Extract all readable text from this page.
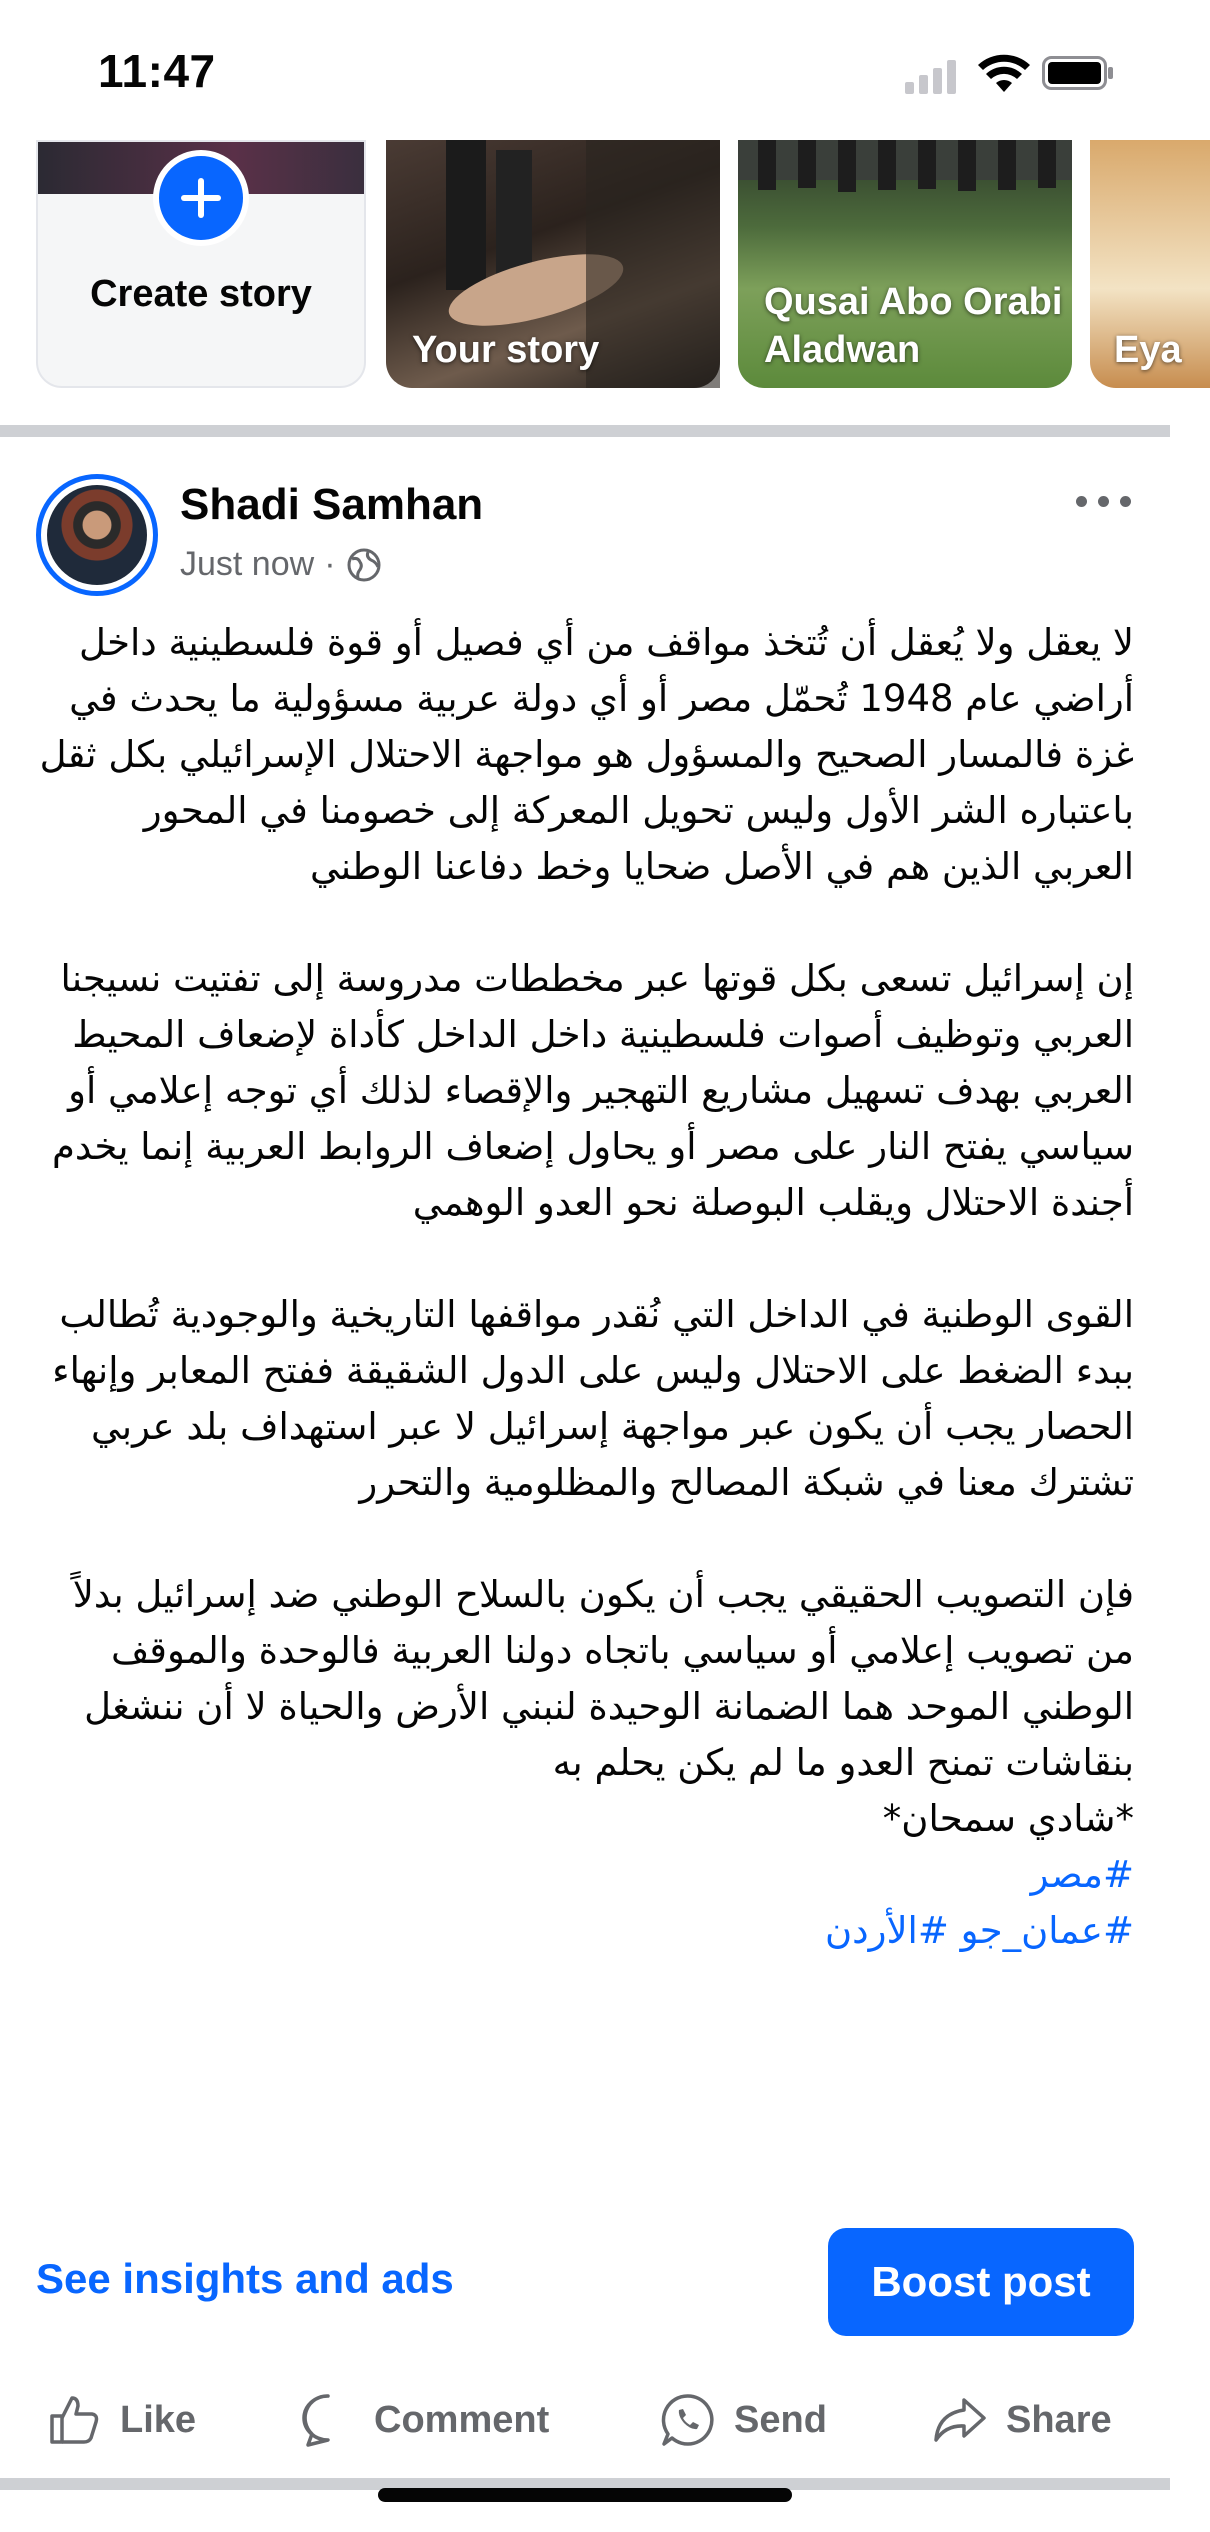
11:47
Create story
Your story
Qusai Abo Orabi Aladwan	Eya
Shadi Samhan
Just now ·

لا يعقل ولا يُعقل أن تُتخذ مواقف من أي فصيل أو قوة فلسطينية داخل أراضي عام 1948 تُحمّل مصر أو أي دولة عربية مسؤولية ما يحدث في غزة فالمسار الصحيح والمسؤول هو مواجهة الاحتلال الإسرائيلي بكل ثقل باعتباره الشر الأول وليس تحويل المعركة إلى خصومنا في المحور العربي الذين هم في الأصل ضحايا وخط دفاعنا الوطني

إن إسرائيل تسعى بكل قوتها عبر مخططات مدروسة إلى تفتيت نسيجنا العربي وتوظيف أصوات فلسطينية داخل الداخل كأداة لإضعاف المحيط العربي بهدف تسهيل مشاريع التهجير والإقصاء لذلك أي توجه إعلامي أو سياسي يفتح النار على مصر أو يحاول إضعاف الروابط العربية إنما يخدم أجندة الاحتلال ويقلب البوصلة نحو العدو الوهمي

القوى الوطنية في الداخل التي نُقدر مواقفها التاريخية والوجودية تُطالب ببدء الضغط على الاحتلال وليس على الدول الشقيقة ففتح المعابر وإنهاء الحصار يجب أن يكون عبر مواجهة إسرائيل لا عبر استهداف بلد عربي تشترك معنا في شبكة المصالح والمظلومية والتحرر

فإن التصويب الحقيقي يجب أن يكون بالسلاح الوطني ضد إسرائيل بدلاً من تصويب إعلامي أو سياسي باتجاه دولنا العربية فالوحدة والموقف الوطني الموحد هما الضمانة الوحيدة لنبني الأرض والحياة لا أن ننشغل بنقاشات تمنح العدو ما لم يكن يحلم به

*شادي سمحان*

#مصر

#عمان_جو #الأردن

See insights and ads	Boost post
Like	Comment	Send	Share
